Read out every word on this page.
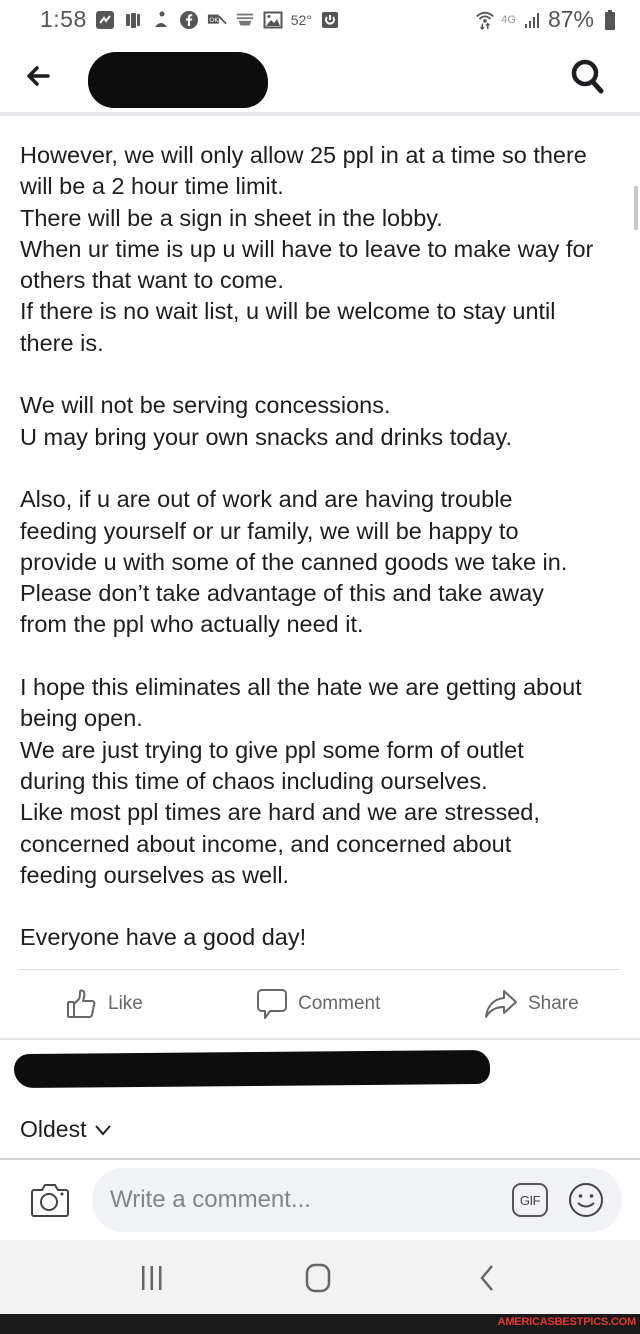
1:58	OK	52°	4G 87%
However, we will only allow 25 ppl in at a time so there
will be a 2 hour time limit.
There will be a sign in sheet in the lobby.
When ur time is up u will have to leave to make way for
others that want to come.
If there is no wait list, u will be welcome to stay until
there is.
We will not be serving concessions.
U may bring your own snacks and drinks today.
Also, if u are out of work and are having trouble
feeding yourself or ur family, we will be happy to
provide u with some of the canned goods we take in.
Please don’t take advantage of this and take away
from the ppl who actually need it.
I hope this eliminates all the hate we are getting about
being open.
We are just trying to give ppl some form of outlet
during this time of chaos including ourselves.
Like most ppl times are hard and we are stressed,
concerned about income, and concerned about
feeding ourselves as well.
Everyone have a good day!
Like	Comment	Share
Oldest
Write a comment...
GIF
AMERICASBESTPICS.COM
